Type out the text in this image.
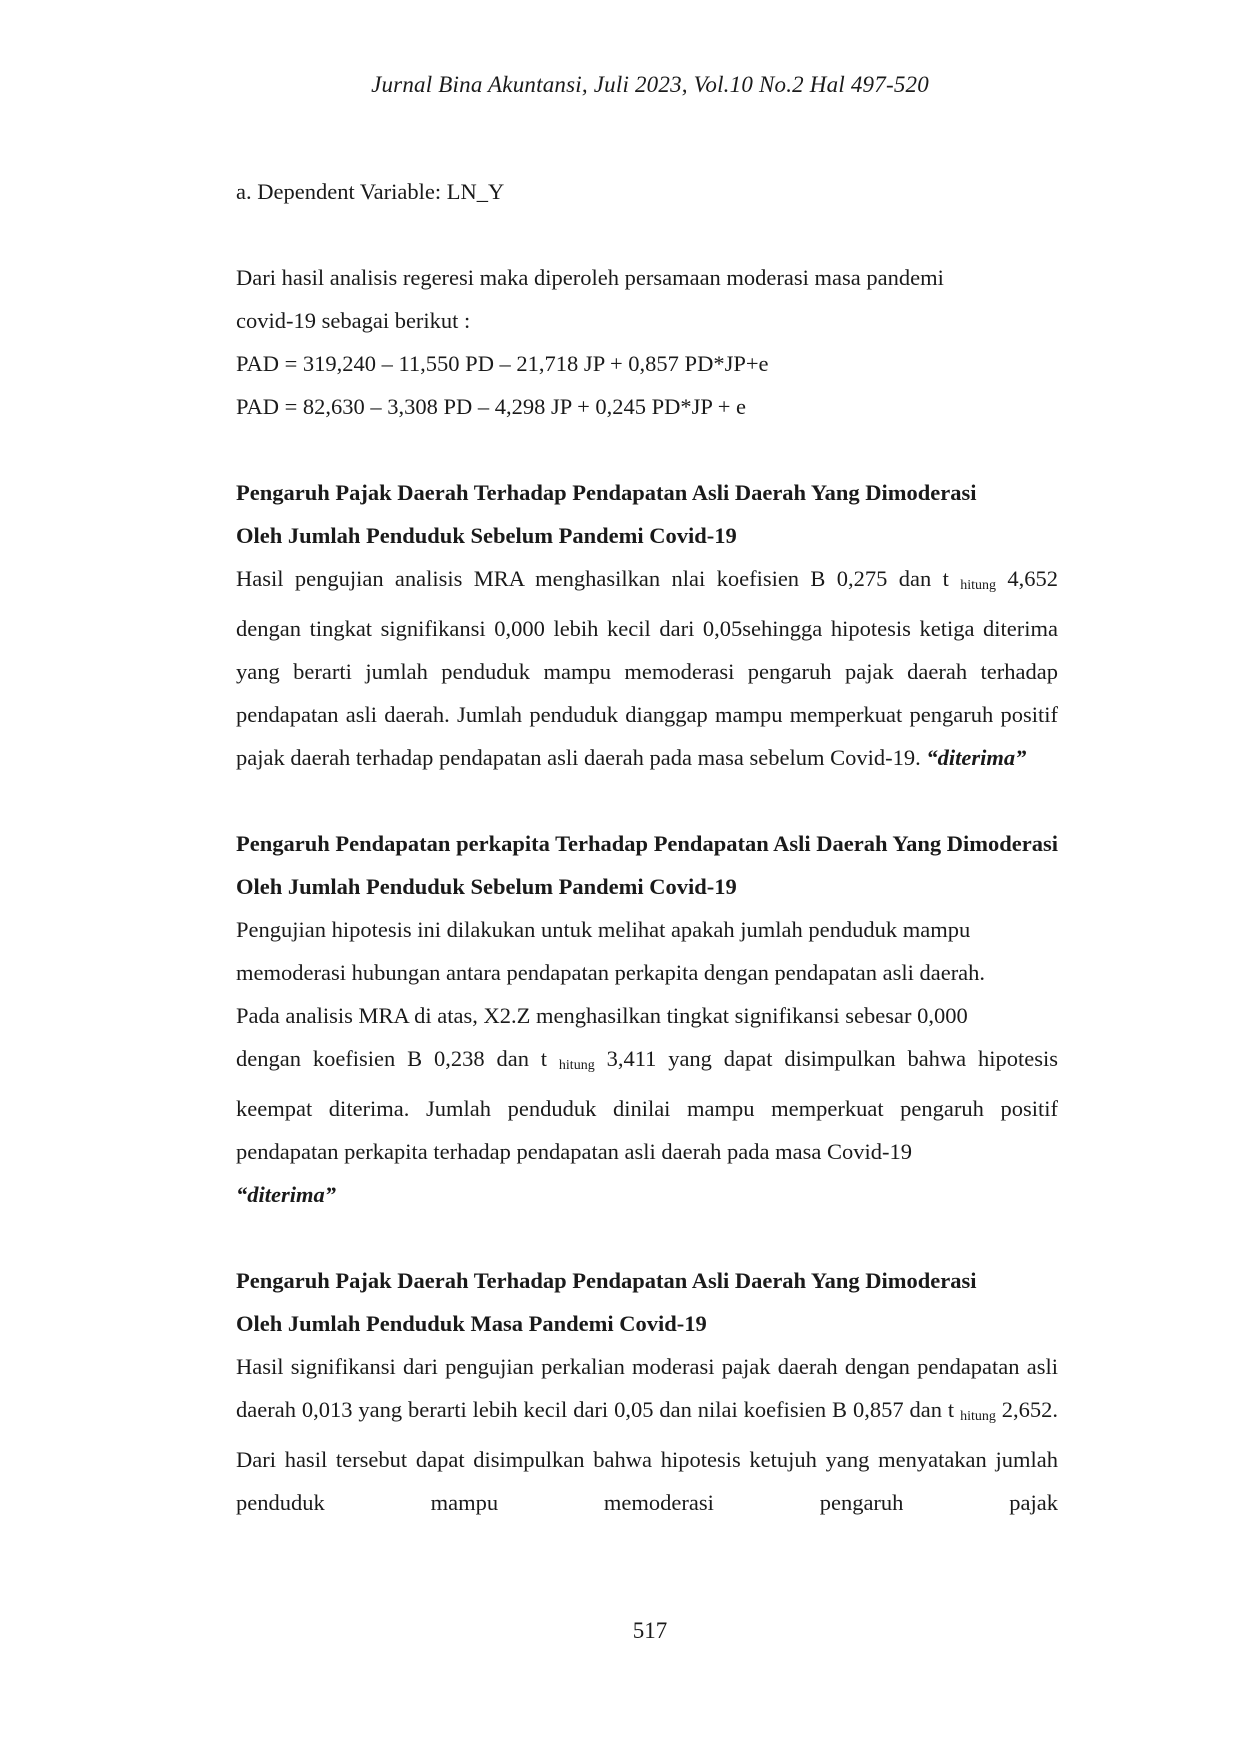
Jurnal Bina Akuntansi, Juli 2023, Vol.10 No.2 Hal 497-520

a. Dependent Variable: LN_Y

Dari hasil analisis regeresi maka diperoleh persamaan moderasi masa pandemi

covid-19 sebagai berikut :

PAD = 319,240 – 11,550 PD – 21,718 JP + 0,857 PD*JP+e

PAD = 82,630 – 3,308 PD – 4,298 JP + 0,245 PD*JP + e

Pengaruh Pajak Daerah Terhadap Pendapatan Asli Daerah Yang Dimoderasi

Oleh Jumlah Penduduk Sebelum Pandemi Covid-19

Hasil pengujian analisis MRA menghasilkan nlai koefisien B 0,275 dan t $_{hitung}$ 4,652

dengan tingkat signifikansi 0,000 lebih kecil dari 0,05sehingga hipotesis ketiga diterima yang berarti jumlah penduduk mampu memoderasi pengaruh pajak daerah terhadap pendapatan asli daerah. Jumlah penduduk dianggap mampu memperkuat pengaruh positif pajak daerah terhadap pendapatan asli daerah pada masa sebelum Covid-19. “diterima”

Pengaruh Pendapatan perkapita Terhadap Pendapatan Asli Daerah Yang Dimoderasi Oleh Jumlah Penduduk Sebelum Pandemi Covid-19

Pengujian hipotesis ini dilakukan untuk melihat apakah jumlah penduduk mampu

memoderasi hubungan antara pendapatan perkapita dengan pendapatan asli daerah.

Pada analisis MRA di atas, X2.Z menghasilkan tingkat signifikansi sebesar 0,000

dengan koefisien B 0,238 dan t $_{hitung}$ 3,411 yang dapat disimpulkan bahwa hipotesis

keempat diterima. Jumlah penduduk dinilai mampu memperkuat pengaruh positif pendapatan perkapita terhadap pendapatan asli daerah pada masa Covid-19

“diterima”

Pengaruh Pajak Daerah Terhadap Pendapatan Asli Daerah Yang Dimoderasi

Oleh Jumlah Penduduk Masa Pandemi Covid-19

Hasil signifikansi dari pengujian perkalian moderasi pajak daerah dengan pendapatan asli daerah 0,013 yang berarti lebih kecil dari 0,05 dan nilai koefisien B 0,857 dan t $_{hitung}$ 2,652. Dari hasil tersebut dapat disimpulkan bahwa hipotesis ketujuh yang menyatakan jumlah penduduk mampu memoderasi pengaruh pajak

517
